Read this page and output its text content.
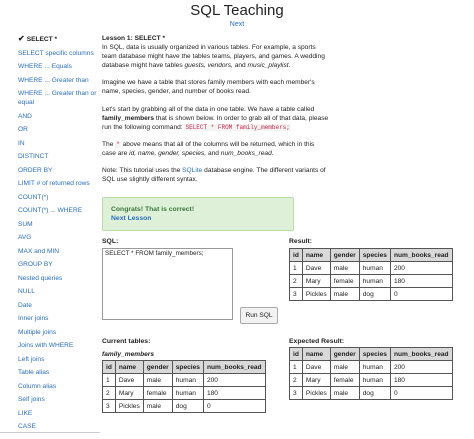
SQL Teaching
Next
✔ SELECT *
SELECT specific columns
WHERE ... Equals
WHERE ... Greater than
WHERE ... Greater than or equal
AND
OR
IN
DISTINCT
ORDER BY
LIMIT # of returned rows
COUNT(*)
COUNT(*) ... WHERE
SUM
AVG
MAX and MIN
GROUP BY
Nested queries
NULL
Date
Inner joins
Multiple joins
Joins with WHERE
Left joins
Table alias
Column alias
Self joins
LIKE
CASE

Lesson 1: SELECT *

In SQL, data is usually organized in various tables. For example, a sports team database might have the tables teams, players, and games. A wedding database might have tables guests, vendors, and music_playlist.

Imagine we have a table that stores family members with each member's name, species, gender, and number of books read.

Let's start by grabbing all of the data in one table. We have a table called family_members that is shown below. In order to grab all of that data, please run the following command: SELECT * FROM family_members;

The * above means that all of the columns will be returned, which in this case are id, name, gender, species, and num_books_read.

Note: This tutorial uses the SQLite database engine. The different variants of SQL use slightly different syntax.

Congrats! That is correct!
Next Lesson
SQL:
SELECT * FROM family_members;
Run SQL
Result:
id	name	gender	species	num_books_read
1	Dave	male	human	200
2	Mary	female	human	180
3	Pickles	male	dog	0
Current tables:
family_members
id	name	gender	species	num_books_read
1	Dave	male	human	200
2	Mary	female	human	180
3	Pickles	male	dog	0
Expected Result:
id	name	gender	species	num_books_read
1	Dave	male	human	200
2	Mary	female	human	180
3	Pickles	male	dog	0
